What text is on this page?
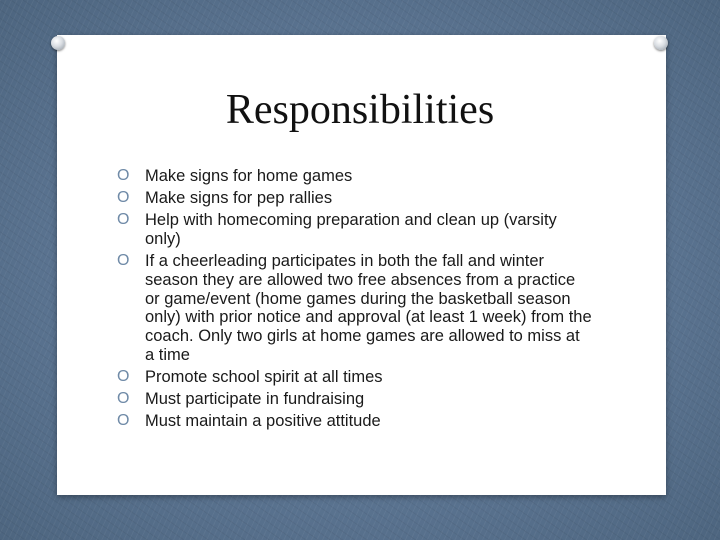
Responsibilities
O Make signs for home games
O Make signs for pep rallies
O Help with homecoming preparation and clean up (varsity only)
O If a cheerleading participates in both the fall and winter season they are allowed two free absences from a practice or game/event (home games during the basketball season only) with prior notice and approval (at least 1 week) from the coach. Only two girls at home games are allowed to miss at a time
O Promote school spirit at all times
O Must participate in fundraising
O Must maintain a positive attitude
